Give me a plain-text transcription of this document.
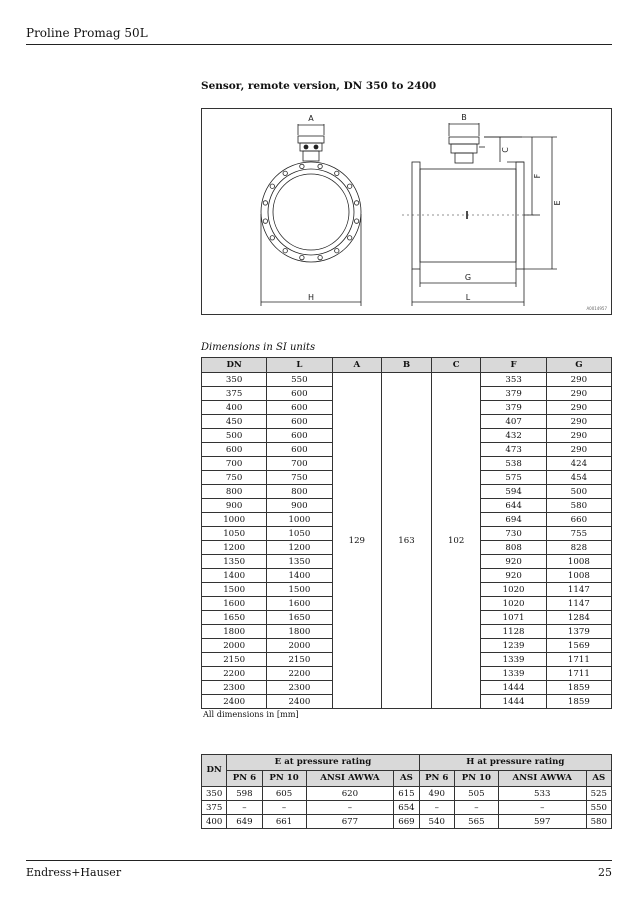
Proline Promag 50L
Sensor, remote version, DN 350 to 2400
A	B
C
F
E
G
H	L
A0014957
Dimensions in SI units
DN	L	A	B	C	F	G
350	550	129	163	102	353	290
375	600				379	290
400	600				379	290
450	600				407	290
500	600				432	290
600	600				473	290
700	700				538	424
750	750				575	454
800	800				594	500
900	900				644	580
1000	1000				694	660
1050	1050				730	755
1200	1200				808	828
1350	1350				920	1008
1400	1400				920	1008
1500	1500				1020	1147
1600	1600				1020	1147
1650	1650				1071	1284
1800	1800				1128	1379
2000	2000				1239	1569
2150	2150				1339	1711
2200	2200				1339	1711
2300	2300				1444	1859
2400	2400				1444	1859
All dimensions in [mm]
DN	E at pressure rating				H at pressure rating			
	PN 6	PN 10	ANSI AWWA	AS	PN 6	PN 10	ANSI AWWA	AS
350	598	605	620	615	490	505	533	525
375	–	–	–	654	–	–	–	550
400	649	661	677	669	540	565	597	580
Endress+Hauser	25
